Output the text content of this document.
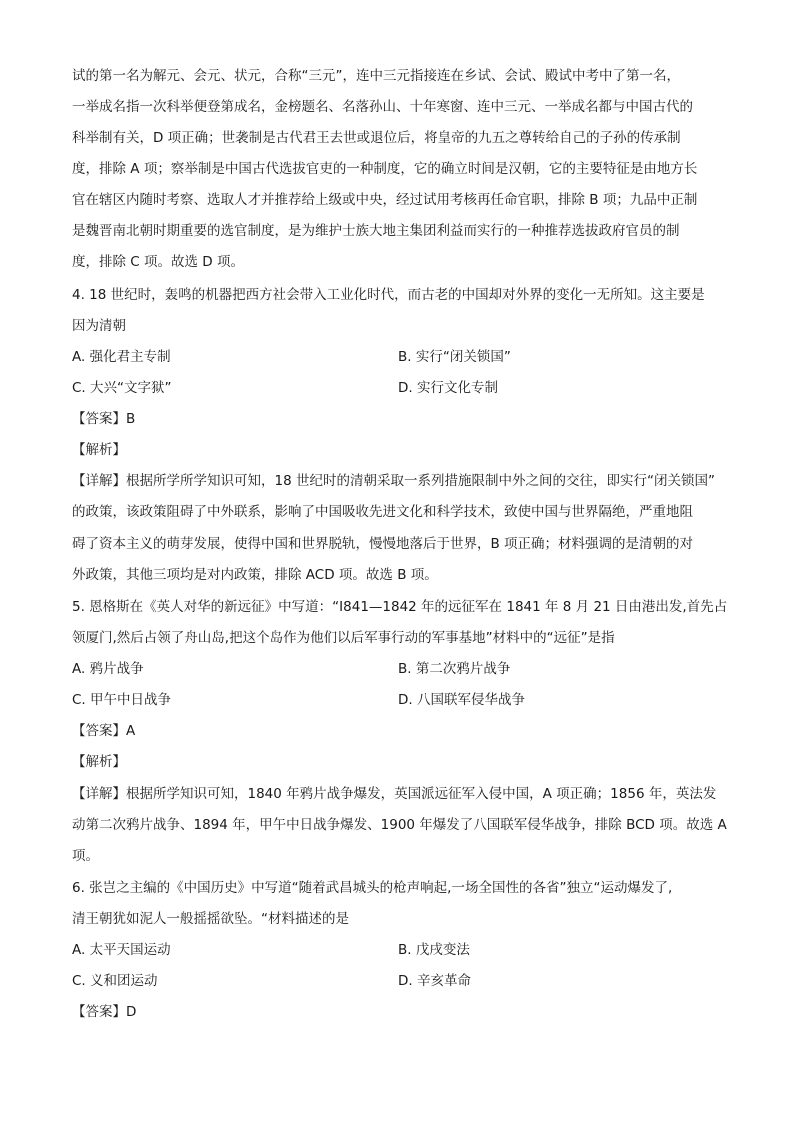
试的第一名为解元、会元、状元，合称“三元”，连中三元指接连在乡试、会试、殿试中考中了第一名，
一举成名指一次科举便登第成名，金榜题名、名落孙山、十年寒窗、连中三元、一举成名都与中国古代的
科举制有关，D 项正确；世袭制是古代君王去世或退位后，将皇帝的九五之尊转给自己的子孙的传承制
度，排除 A 项；察举制是中国古代选拔官吏的一种制度，它的确立时间是汉朝，它的主要特征是由地方长
官在辖区内随时考察、选取人才并推荐给上级或中央，经过试用考核再任命官职，排除 B 项；九品中正制
是魏晋南北朝时期重要的选官制度，是为维护士族大地主集团利益而实行的一种推荐选拔政府官员的制
度，排除 C 项。故选 D 项。
4. 18 世纪时，轰鸣的机器把西方社会带入工业化时代，而古老的中国却对外界的变化一无所知。这主要是
因为清朝
A. 强化君主专制	B. 实行“闭关锁国”
C. 大兴“文字狱”	D. 实行文化专制
【答案】B
【解析】
【详解】根据所学所学知识可知，18 世纪时的清朝采取一系列措施限制中外之间的交往，即实行“闭关锁国”
的政策，该政策阻碍了中外联系，影响了中国吸收先进文化和科学技术，致使中国与世界隔绝，严重地阻
碍了资本主义的萌芽发展，使得中国和世界脱轨，慢慢地落后于世界，B 项正确；材料强调的是清朝的对
外政策，其他三项均是对内政策，排除 ACD 项。故选 B 项。
5. 恩格斯在《英人对华的新远征》中写道：“I841—1842 年的远征军在 1841 年 8 月 21 日由港出发,首先占
领厦门,然后占领了舟山岛,把这个岛作为他们以后军事行动的军事基地”材料中的“远征”是指
A. 鸦片战争	B. 第二次鸦片战争
C. 甲午中日战争	D. 八国联军侵华战争
【答案】A
【解析】
【详解】根据所学知识可知，1840 年鸦片战争爆发，英国派远征军入侵中国，A 项正确；1856 年，英法发
动第二次鸦片战争、1894 年，甲午中日战争爆发、1900 年爆发了八国联军侵华战争，排除 BCD 项。故选 A
项。
6. 张岂之主编的《中国历史》中写道“随着武昌城头的枪声响起,一场全国性的各省”独立“运动爆发了,
清王朝犹如泥人一般摇摇欲坠。“材料描述的是
A. 太平天国运动	B. 戊戌变法
C. 义和团运动	D. 辛亥革命
【答案】D
